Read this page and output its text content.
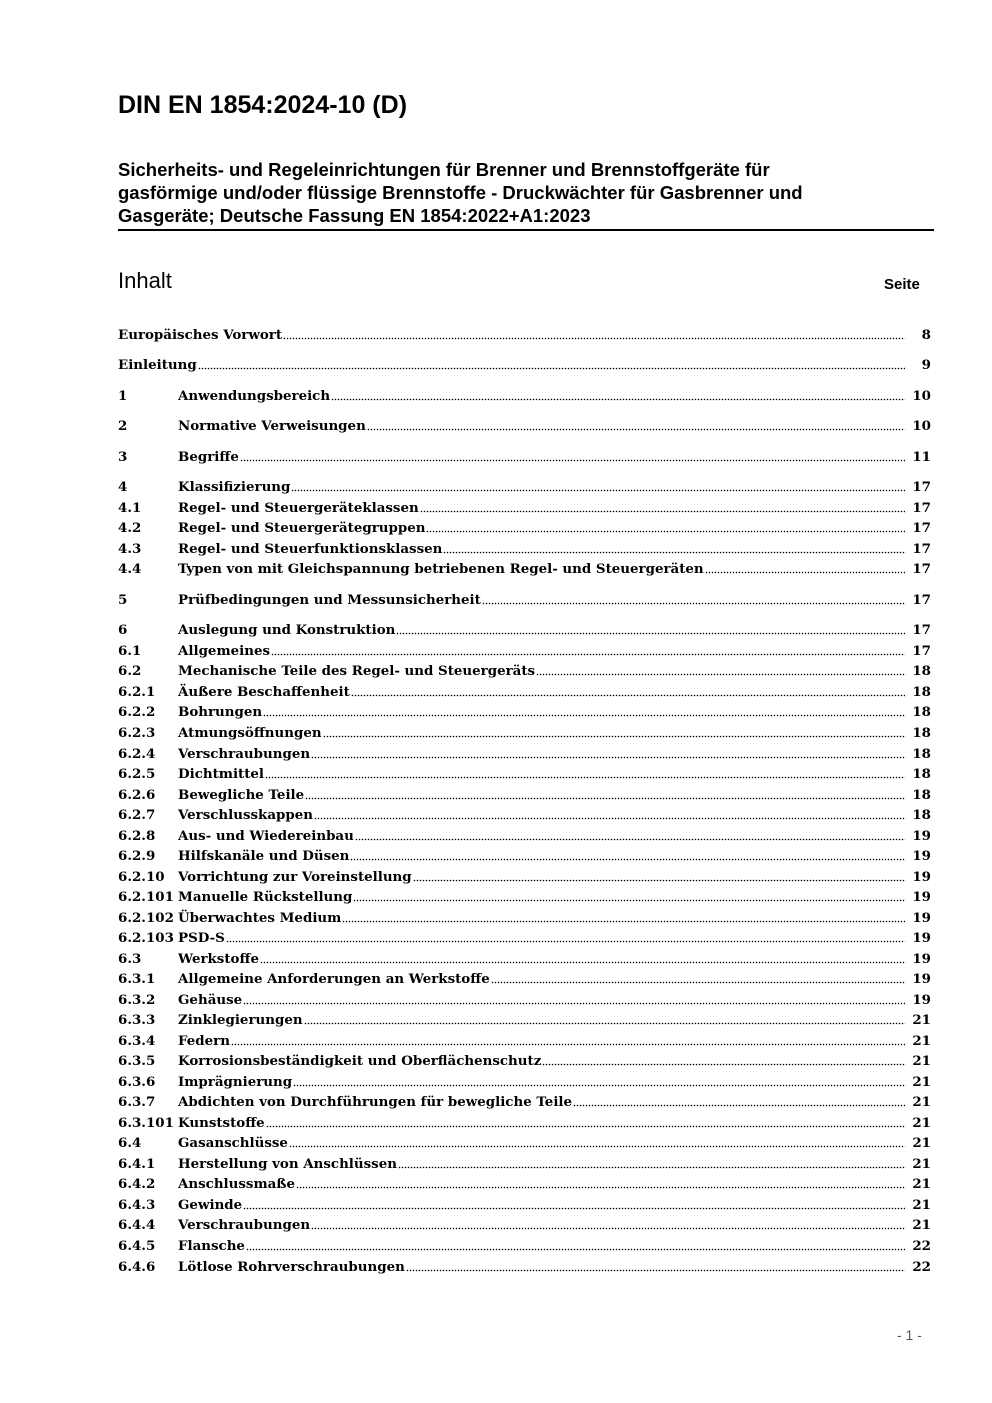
DIN EN 1854:2024-10 (D)
Sicherheits- und Regeleinrichtungen für Brenner und Brennstoffgeräte für
gasförmige und/oder flüssige Brennstoffe - Druckwächter für Gasbrenner und
Gasgeräte; Deutsche Fassung EN 1854:2022+A1:2023
Inhalt	Seite
Europäisches Vorwort	8
Einleitung	9
1	Anwendungsbereich	10
2	Normative Verweisungen	10
3	Begriffe	11
4	Klassifizierung	17
4.1	Regel- und Steuergeräteklassen	17
4.2	Regel- und Steuergerätegruppen	17
4.3	Regel- und Steuerfunktionsklassen	17
4.4	Typen von mit Gleichspannung betriebenen Regel- und Steuergeräten	17
5	Prüfbedingungen und Messunsicherheit	17
6	Auslegung und Konstruktion	17
6.1	Allgemeines	17
6.2	Mechanische Teile des Regel- und Steuergeräts	18
6.2.1 Äußere Beschaffenheit	18
6.2.2 Bohrungen	18
6.2.3 Atmungsöffnungen	18
6.2.4 Verschraubungen	18
6.2.5 Dichtmittel	18
6.2.6 Bewegliche Teile	18
6.2.7 Verschlusskappen	18
6.2.8 Aus- und Wiedereinbau	19
6.2.9 Hilfskanäle und Düsen	19
6.2.10 Vorrichtung zur Voreinstellung	19
6.2.101 Manuelle Rückstellung	19
6.2.102 Überwachtes Medium	19
6.2.103 PSD-S	19
6.3	Werkstoffe	19
6.3.1 Allgemeine Anforderungen an Werkstoffe	19
6.3.2 Gehäuse	19
6.3.3 Zinklegierungen	21
6.3.4 Federn	21
6.3.5 Korrosionsbeständigkeit und Oberflächenschutz	21
6.3.6 Imprägnierung	21
6.3.7 Abdichten von Durchführungen für bewegliche Teile	21
6.3.101 Kunststoffe	21
6.4	Gasanschlüsse	21
6.4.1 Herstellung von Anschlüssen	21
6.4.2 Anschlussmaße	21
6.4.3 Gewinde	21
6.4.4 Verschraubungen	21
6.4.5 Flansche	22
6.4.6 Lötlose Rohrverschraubungen	22
- 1 -
